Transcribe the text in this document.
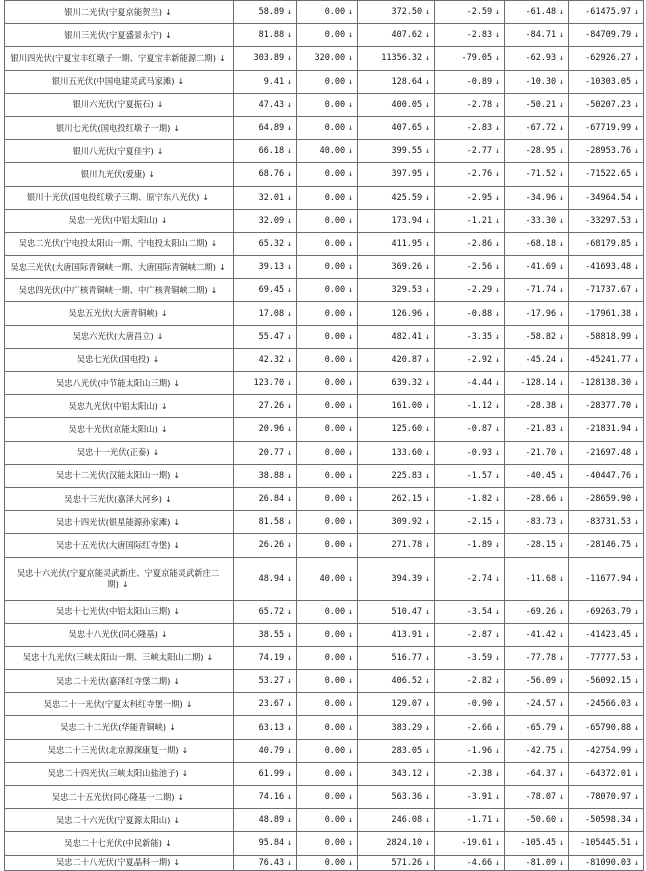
银川二光伏(宁夏京能贺兰) ↓	58.89 ↓	0.00 ↓	372.50 ↓	-2.59 ↓	-61.48 ↓	-61475.97 ↓
银川三光伏(宁夏盛景永宁) ↓	81.88 ↓	0.00 ↓	407.62 ↓	-2.83 ↓	-84.71 ↓	-84709.79 ↓
银川四光伏(宁夏宝丰红墩子一期、宁夏宝丰新能源二期) ↓	303.89 ↓	320.00 ↓	11356.32 ↓	-79.05 ↓	-62.93 ↓	-62926.27 ↓
银川五光伏(中国电建灵武马家滩) ↓	9.41 ↓	0.00 ↓	128.64 ↓	-0.89 ↓	-10.30 ↓	-10303.05 ↓
银川六光伏(宁夏振石) ↓	47.43 ↓	0.00 ↓	400.05 ↓	-2.78 ↓	-50.21 ↓	-50207.23 ↓
银川七光伏(国电投红墩子一期) ↓	64.89 ↓	0.00 ↓	407.65 ↓	-2.83 ↓	-67.72 ↓	-67719.99 ↓
银川八光伏(宁夏佳宇) ↓	66.18 ↓	40.00 ↓	399.55 ↓	-2.77 ↓	-28.95 ↓	-28953.76 ↓
银川九光伏(爱康) ↓	68.76 ↓	0.00 ↓	397.95 ↓	-2.76 ↓	-71.52 ↓	-71522.65 ↓
银川十光伏(国电投红墩子三期、原宁东八光伏) ↓	32.01 ↓	0.00 ↓	425.59 ↓	-2.95 ↓	-34.96 ↓	-34964.54 ↓
吴忠一光伏(中铝太阳山) ↓	32.09 ↓	0.00 ↓	173.94 ↓	-1.21 ↓	-33.30 ↓	-33297.53 ↓
吴忠二光伏(宁电投太阳山一期、宁电投太阳山二期) ↓	65.32 ↓	0.00 ↓	411.95 ↓	-2.86 ↓	-68.18 ↓	-68179.85 ↓
吴忠三光伏(大唐国际青铜峡一期、大唐国际青铜峡二期) ↓	39.13 ↓	0.00 ↓	369.26 ↓	-2.56 ↓	-41.69 ↓	-41693.48 ↓
吴忠四光伏(中广核青铜峡一期、中广核青铜峡二期) ↓	69.45 ↓	0.00 ↓	329.53 ↓	-2.29 ↓	-71.74 ↓	-71737.67 ↓
吴忠五光伏(大唐青铜峡) ↓	17.08 ↓	0.00 ↓	126.96 ↓	-0.88 ↓	-17.96 ↓	-17961.38 ↓
吴忠六光伏(大唐昌立) ↓	55.47 ↓	0.00 ↓	482.41 ↓	-3.35 ↓	-58.82 ↓	-58818.99 ↓
吴忠七光伏(国电投) ↓	42.32 ↓	0.00 ↓	420.87 ↓	-2.92 ↓	-45.24 ↓	-45241.77 ↓
吴忠八光伏(中节能太阳山三期) ↓	123.70 ↓	0.00 ↓	639.32 ↓	-4.44 ↓	-128.14 ↓	-128138.30 ↓
吴忠九光伏(中铝太阳山) ↓	27.26 ↓	0.00 ↓	161.00 ↓	-1.12 ↓	-28.38 ↓	-28377.70 ↓
吴忠十光伏(京能太阳山) ↓	20.96 ↓	0.00 ↓	125.60 ↓	-0.87 ↓	-21.83 ↓	-21831.94 ↓
吴忠十一光伏(正泰) ↓	20.77 ↓	0.00 ↓	133.60 ↓	-0.93 ↓	-21.70 ↓	-21697.48 ↓
吴忠十二光伏(汉能太阳山一期) ↓	38.88 ↓	0.00 ↓	225.83 ↓	-1.57 ↓	-40.45 ↓	-40447.76 ↓
吴忠十三光伏(嘉泽大河乡) ↓	26.84 ↓	0.00 ↓	262.15 ↓	-1.82 ↓	-28.66 ↓	-28659.90 ↓
吴忠十四光伏(银星能源孙家滩) ↓	81.58 ↓	0.00 ↓	309.92 ↓	-2.15 ↓	-83.73 ↓	-83731.53 ↓
吴忠十五光伏(大唐国际红寺堡) ↓	26.26 ↓	0.00 ↓	271.78 ↓	-1.89 ↓	-28.15 ↓	-28146.75 ↓
吴忠十六光伏(宁夏京能灵武新庄、宁夏京能灵武新庄二期) ↓	48.94 ↓	40.00 ↓	394.39 ↓	-2.74 ↓	-11.68 ↓	-11677.94 ↓
吴忠十七光伏(中铝太阳山三期) ↓	65.72 ↓	0.00 ↓	510.47 ↓	-3.54 ↓	-69.26 ↓	-69263.79 ↓
吴忠十八光伏(同心隆基) ↓	38.55 ↓	0.00 ↓	413.91 ↓	-2.87 ↓	-41.42 ↓	-41423.45 ↓
吴忠十九光伏(三峡太阳山一期、三峡太阳山二期) ↓	74.19 ↓	0.00 ↓	516.77 ↓	-3.59 ↓	-77.78 ↓	-77777.53 ↓
吴忠二十光伏(嘉泽红寺堡二期) ↓	53.27 ↓	0.00 ↓	406.52 ↓	-2.82 ↓	-56.09 ↓	-56092.15 ↓
吴忠二十一光伏(宁夏太科红寺堡一期) ↓	23.67 ↓	0.00 ↓	129.07 ↓	-0.90 ↓	-24.57 ↓	-24566.03 ↓
吴忠二十二光伏(华能青铜峡) ↓	63.13 ↓	0.00 ↓	383.29 ↓	-2.66 ↓	-65.79 ↓	-65790.88 ↓
吴忠二十三光伏(北京源深康复一期) ↓	40.79 ↓	0.00 ↓	283.05 ↓	-1.96 ↓	-42.75 ↓	-42754.99 ↓
吴忠二十四光伏(三峡太阳山盐池子) ↓	61.99 ↓	0.00 ↓	343.12 ↓	-2.38 ↓	-64.37 ↓	-64372.01 ↓
吴忠二十五光伏(同心隆基一二期) ↓	74.16 ↓	0.00 ↓	563.36 ↓	-3.91 ↓	-78.07 ↓	-78070.97 ↓
吴忠二十六光伏(宁夏源太阳山) ↓	48.89 ↓	0.00 ↓	246.08 ↓	-1.71 ↓	-50.60 ↓	-50598.34 ↓
吴忠二十七光伏(中民新能) ↓	95.84 ↓	0.00 ↓	2824.10 ↓	-19.61 ↓	-105.45 ↓	-105445.51 ↓
吴忠二十八光伏(宁夏晶科一期) ↓	76.43 ↓	0.00 ↓	571.26 ↓	-4.66 ↓	-81.09 ↓	-81090.03 ↓
